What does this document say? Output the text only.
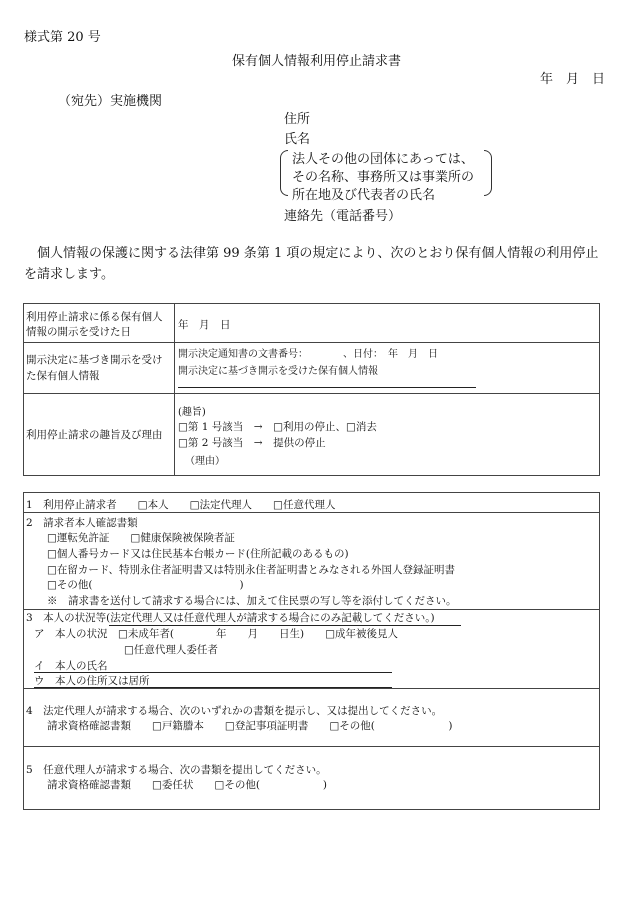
様式第 20 号
保有個人情報利用停止請求書
年　月　日
（宛先）実施機関
住所
氏名
法人その他の団体にあっては、
その名称、事務所又は事業所の
所在地及び代表者の氏名
連絡先（電話番号）
個人情報の保護に関する法律第 99 条第 1 項の規定により、次のとおり保有個人情報の利用停止を請求します。
利用停止請求に係る保有個人
情報の開示を受けた日
年　月　日
開示決定に基づき開示を受け
た保有個人情報
開示決定通知書の文書番号：　　　　、日付：　年　月　日
開示決定に基づき開示を受けた保有個人情報
利用停止請求の趣旨及び理由
(趣旨)
□第 1 号該当　→　□利用の停止、□消去
□第 2 号該当　→　提供の停止
（理由）
1　利用停止請求者　　□本人　　□法定代理人　　□任意代理人
2　請求者本人確認書類
□運転免許証　　□健康保険被保険者証
□個人番号カード又は住民基本台帳カード(住所記載のあるもの)
□在留カード、特別永住者証明書又は特別永住者証明書とみなされる外国人登録証明書
□その他(　　　　　　　　　　　　　　)
※　請求書を送付して請求する場合には、加えて住民票の写し等を添付してください。
3　本人の状況等(法定代理人又は任意代理人が請求する場合にのみ記載してください。)
ア　本人の状況　□未成年者(　　　　年　　月　　日生)　　□成年被後見人
□任意代理人委任者
イ　本人の氏名
ウ　本人の住所又は居所
4　法定代理人が請求する場合、次のいずれかの書類を提示し、又は提出してください。
請求資格確認書類　　□戸籍謄本　　□登記事項証明書　　□その他(　　　　　　　)
5　任意代理人が請求する場合、次の書類を提出してください。
請求資格確認書類　　□委任状　　□その他(　　　　　　)
